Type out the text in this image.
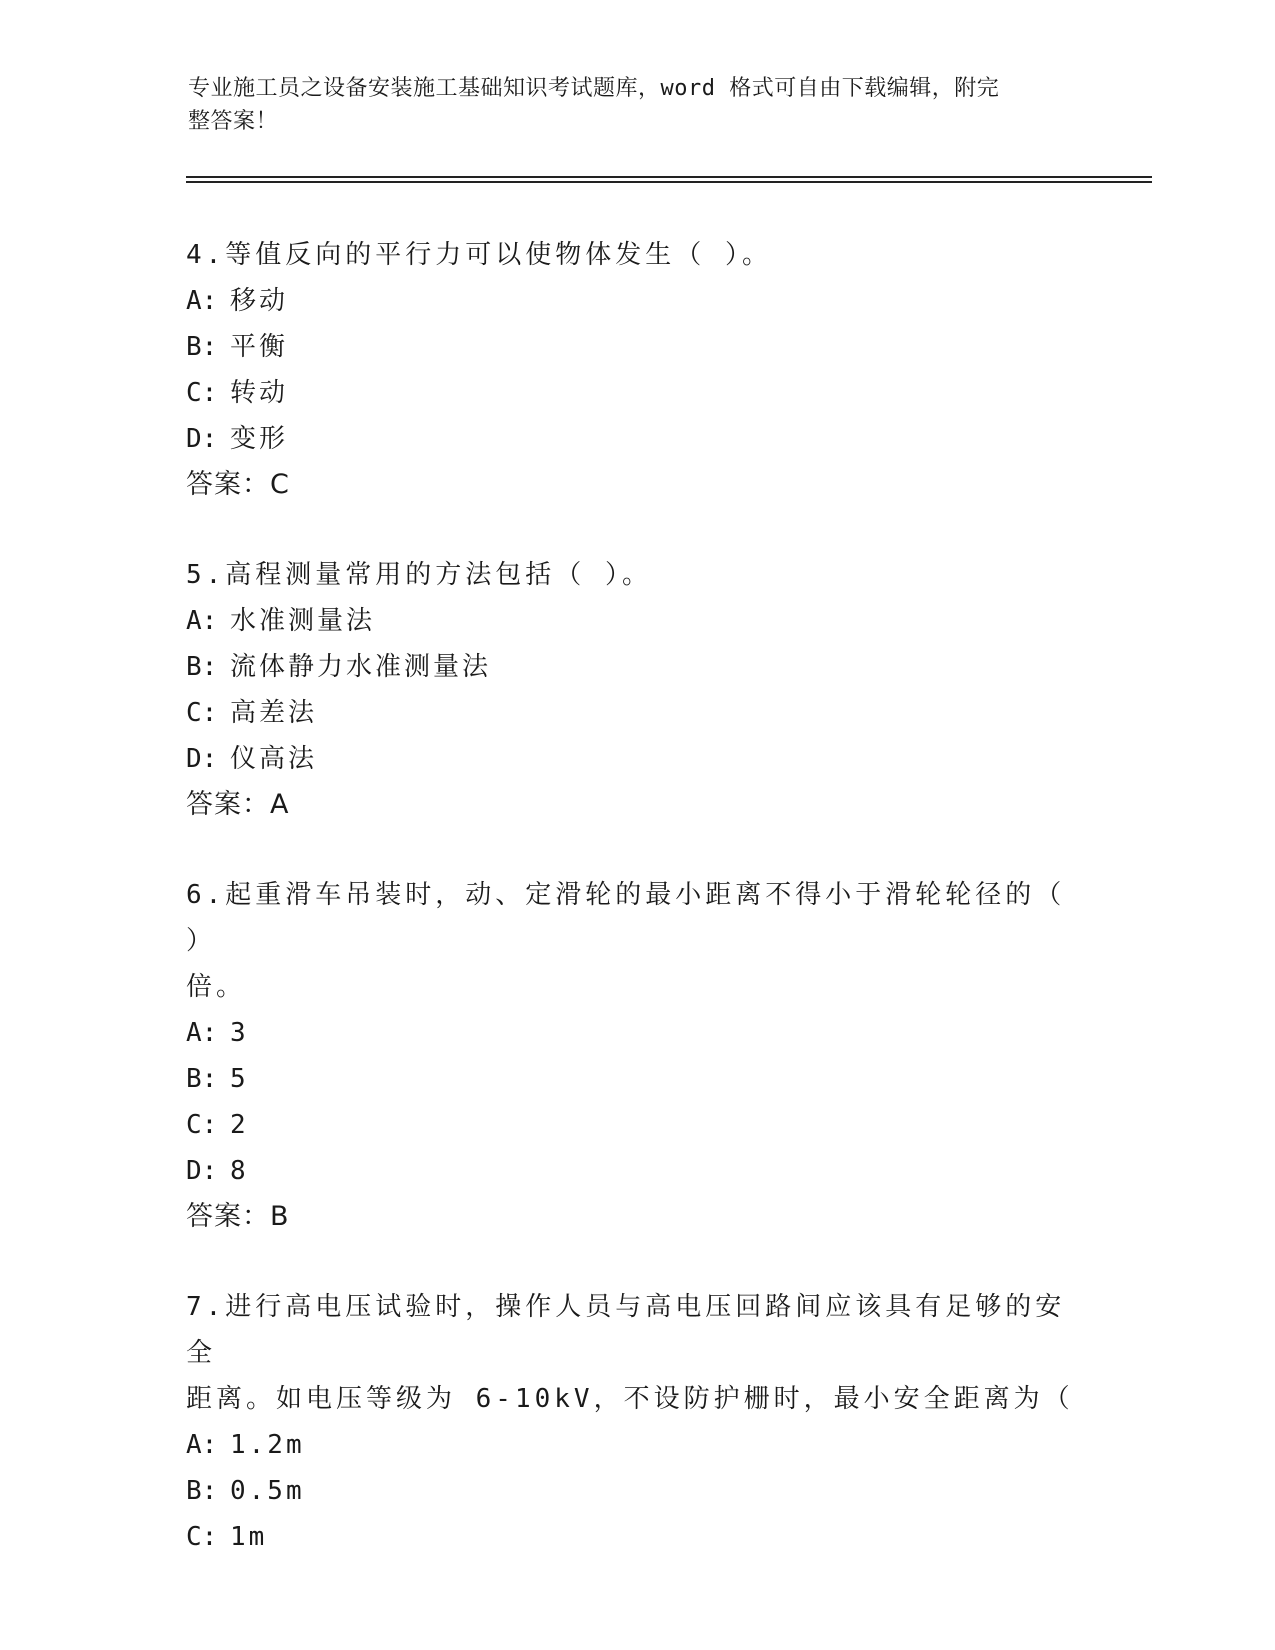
专业施工员之设备安装施工基础知识考试题库，word 格式可自由下载编辑，附完
整答案！

4.等值反向的平行力可以使物体发生（ ）。

A: 移动

B: 平衡

C: 转动

D: 变形

答案：C

5.高程测量常用的方法包括（ ）。

A: 水准测量法

B: 流体静力水准测量法

C: 高差法

D: 仪高法

答案：A

6.起重滑车吊装时，动、定滑轮的最小距离不得小于滑轮轮径的（ ）

倍。

A: 3

B: 5

C: 2

D: 8

答案：B

7.进行高电压试验时，操作人员与高电压回路间应该具有足够的安全

距离。如电压等级为 6-10kV，不设防护栅时，最小安全距离为（

A: 1.2m

B: 0.5m

C: 1m
